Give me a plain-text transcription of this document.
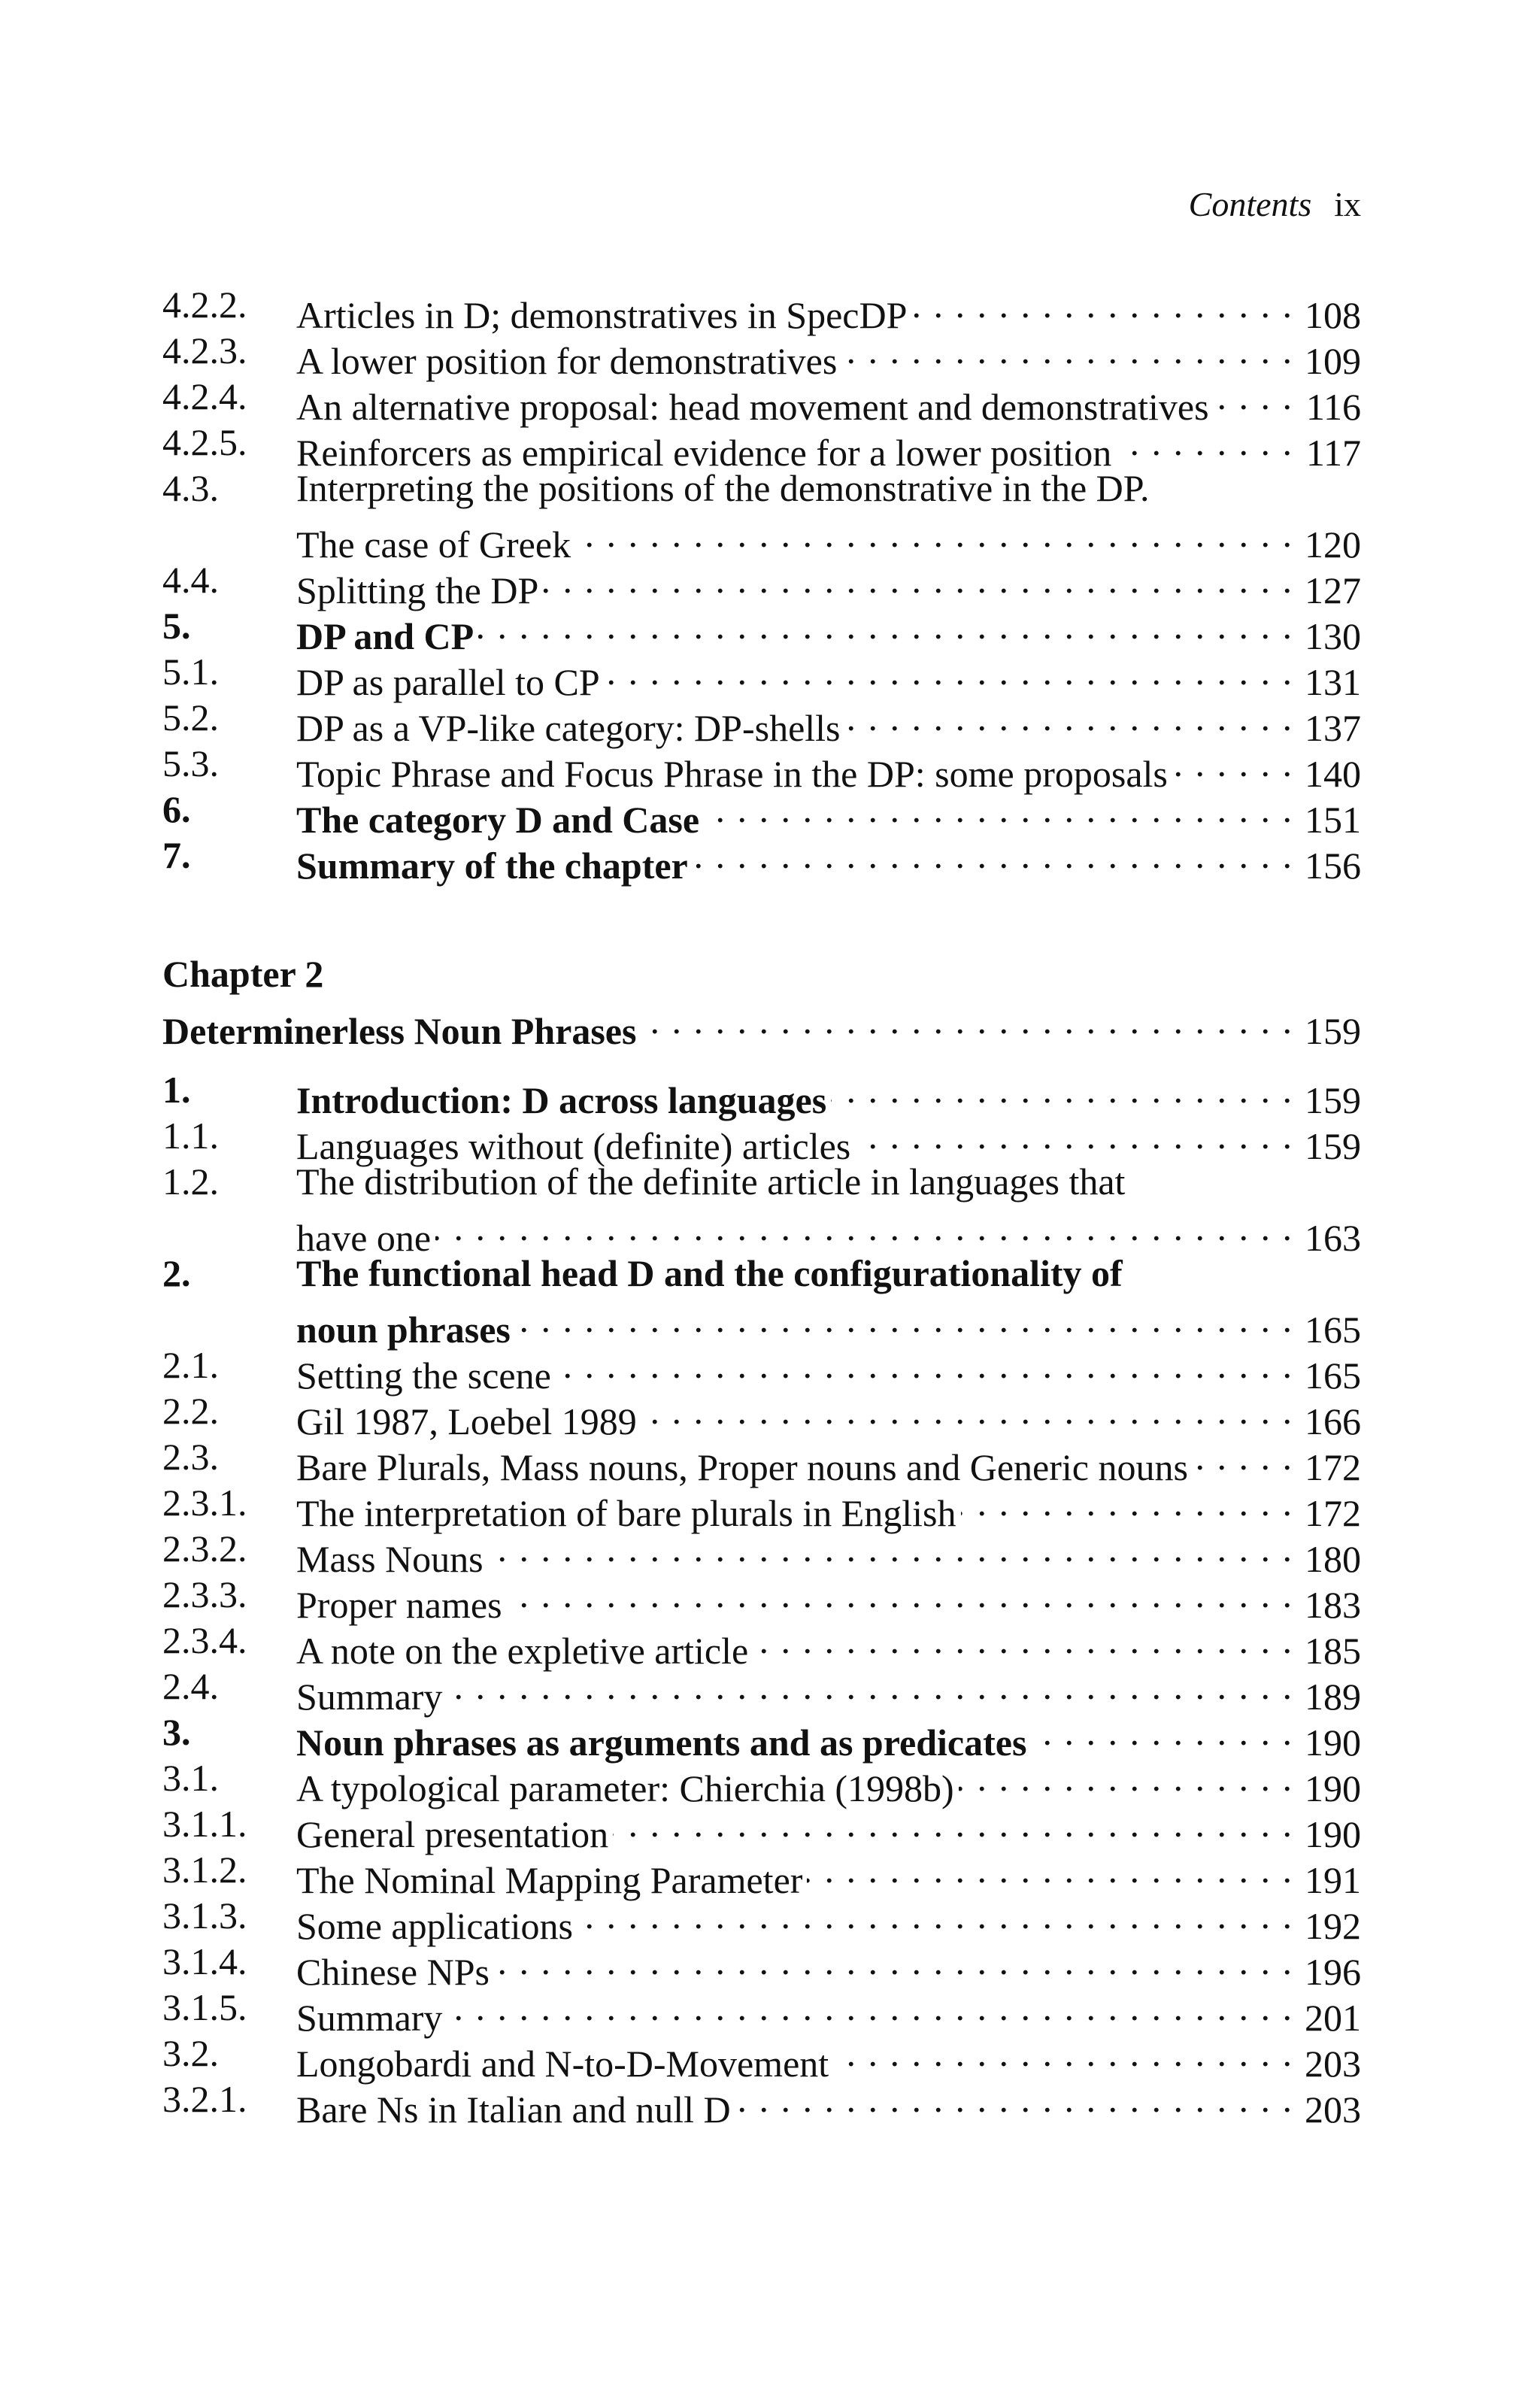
Contents ix
4.2.2. Articles in D; demonstratives in SpecDP . . .	108
4.2.3. A lower position for demonstratives . . .	109
4.2.4. An alternative proposal: head movement and demonstratives . . .	116
4.2.5. Reinforcers as empirical evidence for a lower position . . .	117
4.3. Interpreting the positions of the demonstrative in the DP.
The case of Greek . . .	120
4.4. Splitting the DP . . .	127
5.	DP and CP . . .	130
5.1. DP as parallel to CP . . .	131
5.2. DP as a VP-like category: DP-shells . . .	137
5.3. Topic Phrase and Focus Phrase in the DP: some proposals . . .	140
6.	The category D and Case . . .	151
7.	Summary of the chapter . . .	156
Chapter 2
Determinerless Noun Phrases . . .	159
1.	Introduction: D across languages . . .	159
1.1. Languages without (definite) articles . . .	159
1.2. The distribution of the definite article in languages that
have one . . .	163
2.	The functional head D and the configurationality of
noun phrases . . .	165
2.1. Setting the scene . . .	165
2.2. Gil 1987, Loebel 1989 . . .	166
2.3. Bare Plurals, Mass nouns, Proper nouns and Generic nouns . . .	172
2.3.1. The interpretation of bare plurals in English . . .	172
2.3.2. Mass Nouns . . .	180
2.3.3. Proper names . . .	183
2.3.4. A note on the expletive article . . .	185
2.4. Summary . . .	189
3.	Noun phrases as arguments and as predicates . . .	190
3.1. A typological parameter: Chierchia (1998b) . . .	190
3.1.1. General presentation . . .	190
3.1.2. The Nominal Mapping Parameter . . .	191
3.1.3. Some applications . . .	192
3.1.4. Chinese NPs . . .	196
3.1.5. Summary . . .	201
3.2. Longobardi and N-to-D-Movement . . .	203
3.2.1. Bare Ns in Italian and null D . . .	203
